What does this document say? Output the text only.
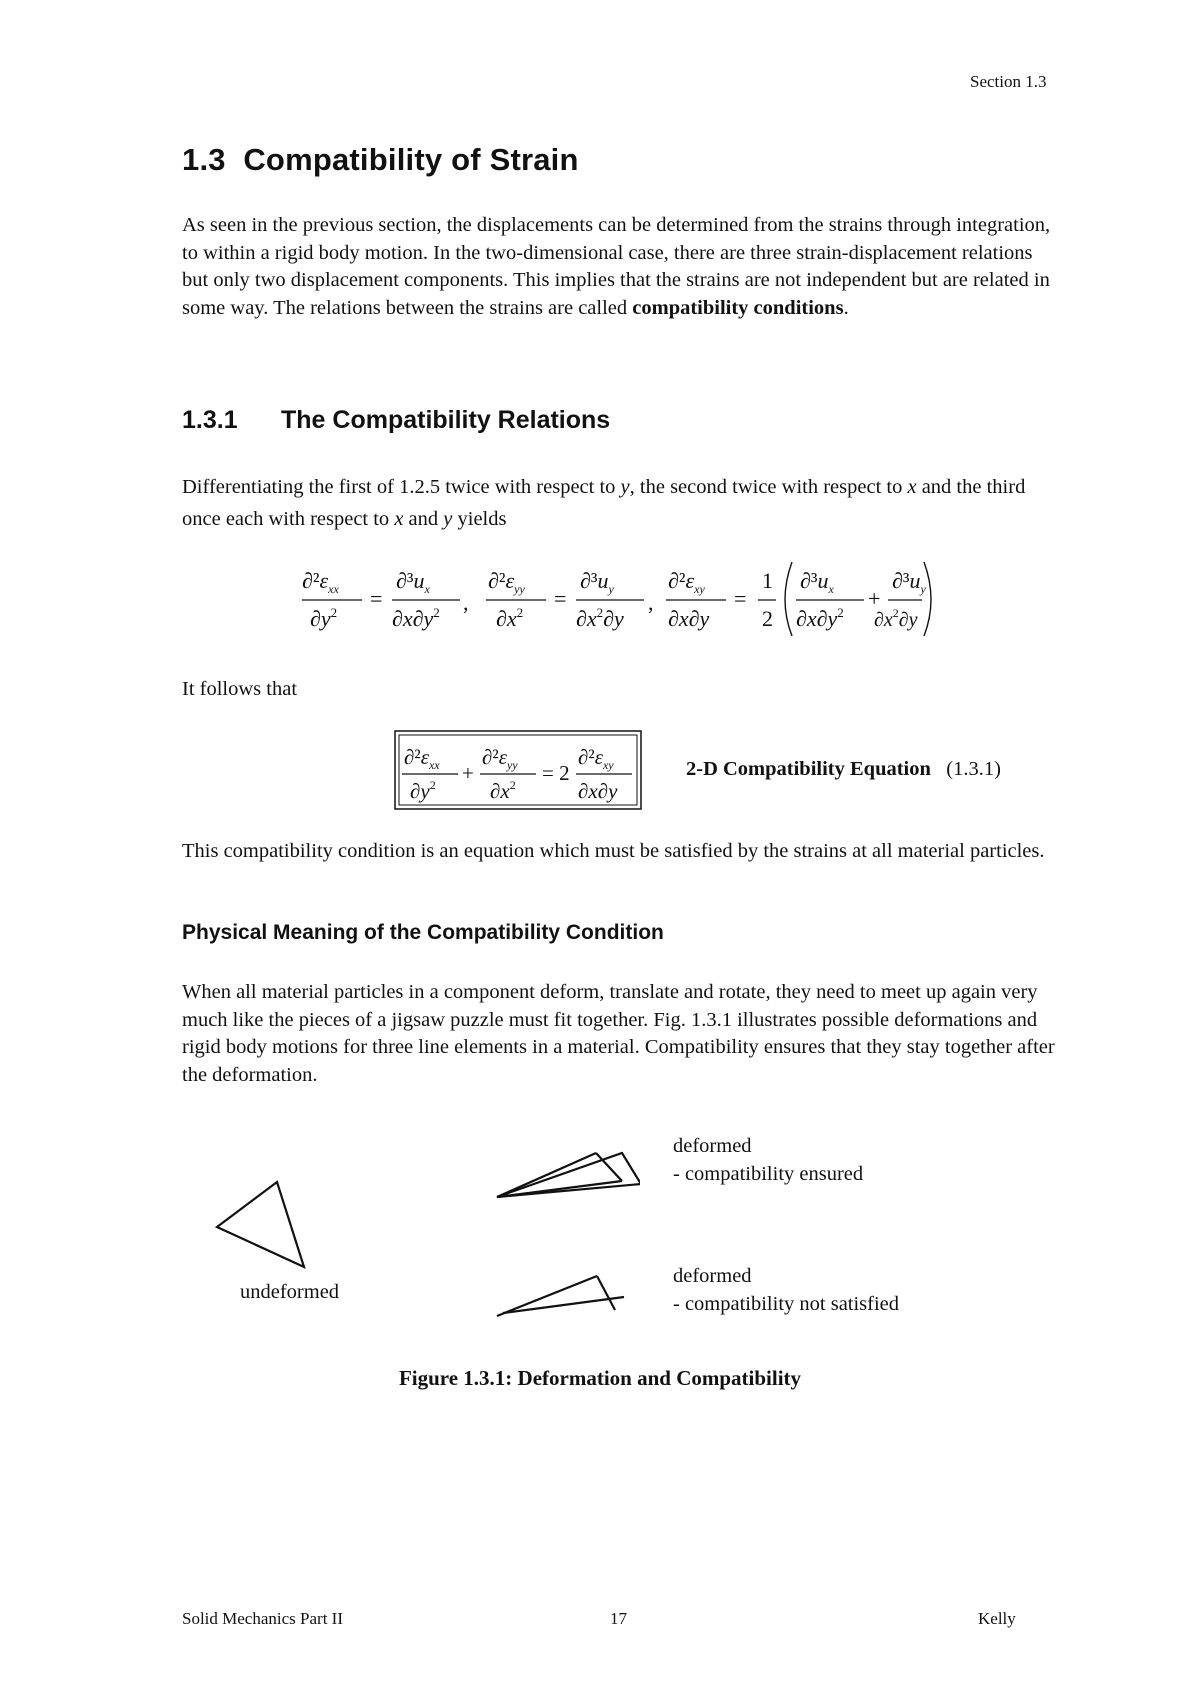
Section 1.3
1.3 Compatibility of Strain

As seen in the previous section, the displacements can be determined from the strains through integration, to within a rigid body motion. In the two-dimensional case, there are three strain-displacement relations but only two displacement components. This implies that the strains are not independent but are related in some way. The relations between the strains are called compatibility conditions.

1.3.1 The Compatibility Relations

Differentiating the first of 1.2.5 twice with respect to y, the second twice with respect to x and the third once each with respect to x and y yields

$\partial^2\varepsilon_{xx}$
$\partial y^2$
=
$\partial^3u_x$
$\partial x\partial y^2$ ,
$\partial^2\varepsilon_{yy}$
$\partial x^2$
=
$\partial^3u_y$
$\partial x^2\partial y$
,
$\partial^2\varepsilon_{xy}$
∂x∂y
=
1
2
$\partial^3u_x$
$\partial x\partial y^2$
+
$\partial^3u_y$
$\partial x^2\partial y$

It follows that

$\partial^2\varepsilon_{xx}$
$\partial y^2$ +
$\partial^2\varepsilon_{yy}$
$\partial x^2 = 2$
$\partial^2\varepsilon_{xy}$
∂x∂y
2-D Compatibility Equation (1.3.1)

This compatibility condition is an equation which must be satisfied by the strains at all material particles.

Physical Meaning of the Compatibility Condition

When all material particles in a component deform, translate and rotate, they need to meet up again very much like the pieces of a jigsaw puzzle must fit together. Fig. 1.3.1 illustrates possible deformations and rigid body motions for three line elements in a material. Compatibility ensures that they stay together after the deformation.

undeformed
deformed
- compatibility ensured
deformed
- compatibility not satisfied
Figure 1.3.1: Deformation and Compatibility
Solid Mechanics Part II	17	Kelly
